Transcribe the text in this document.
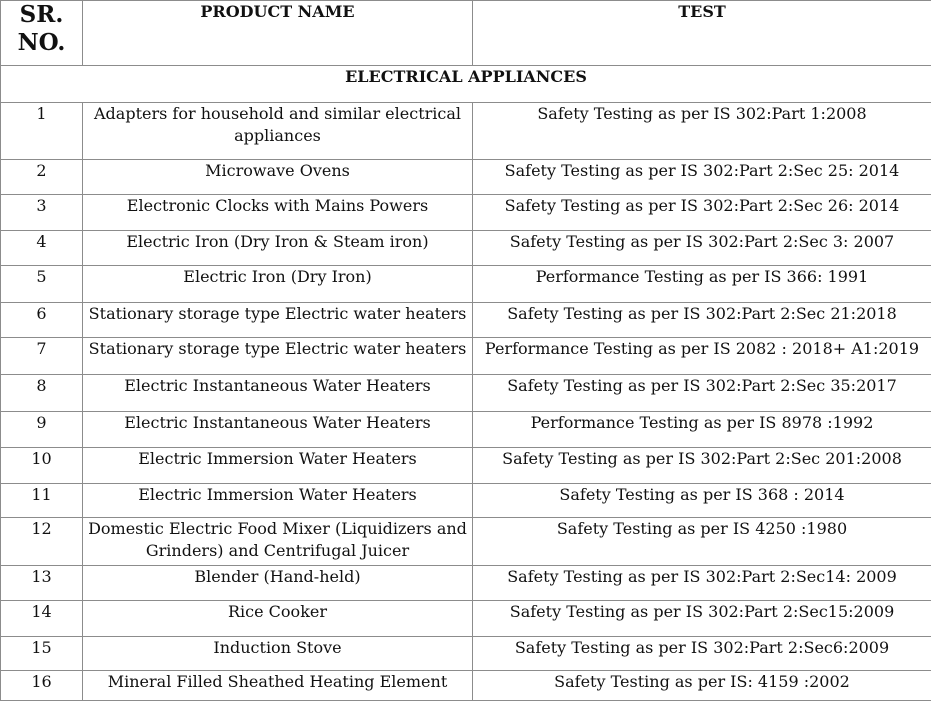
SR. NO.	PRODUCT NAME	TEST
ELECTRICAL APPLIANCES		
1	Adapters for household and similar electrical appliances	Safety Testing as per IS 302:Part 1:2008
2	Microwave Ovens	Safety Testing as per IS 302:Part 2:Sec 25: 2014
3	Electronic Clocks with Mains Powers	Safety Testing as per IS 302:Part 2:Sec 26: 2014
4	Electric Iron (Dry Iron & Steam iron)	Safety Testing as per IS 302:Part 2:Sec 3: 2007
5	Electric Iron (Dry Iron)	Performance Testing as per IS 366: 1991
6	Stationary storage type Electric water heaters	Safety Testing as per IS 302:Part 2:Sec 21:2018
7	Stationary storage type Electric water heaters	Performance Testing as per IS 2082 : 2018+ A1:2019
8	Electric Instantaneous Water Heaters	Safety Testing as per IS 302:Part 2:Sec 35:2017
9	Electric Instantaneous Water Heaters	Performance Testing as per IS 8978 :1992
10	Electric Immersion Water Heaters	Safety Testing as per IS 302:Part 2:Sec 201:2008
11	Electric Immersion Water Heaters	Safety Testing as per IS 368 : 2014
12	Domestic Electric Food Mixer (Liquidizers and Grinders) and Centrifugal Juicer	Safety Testing as per IS 4250 :1980
13	Blender (Hand-held)	Safety Testing as per IS 302:Part 2:Sec14: 2009
14	Rice Cooker	Safety Testing as per IS 302:Part 2:Sec15:2009
15	Induction Stove	Safety Testing as per IS 302:Part 2:Sec6:2009
16	Mineral Filled Sheathed Heating Element	Safety Testing as per IS: 4159 :2002
